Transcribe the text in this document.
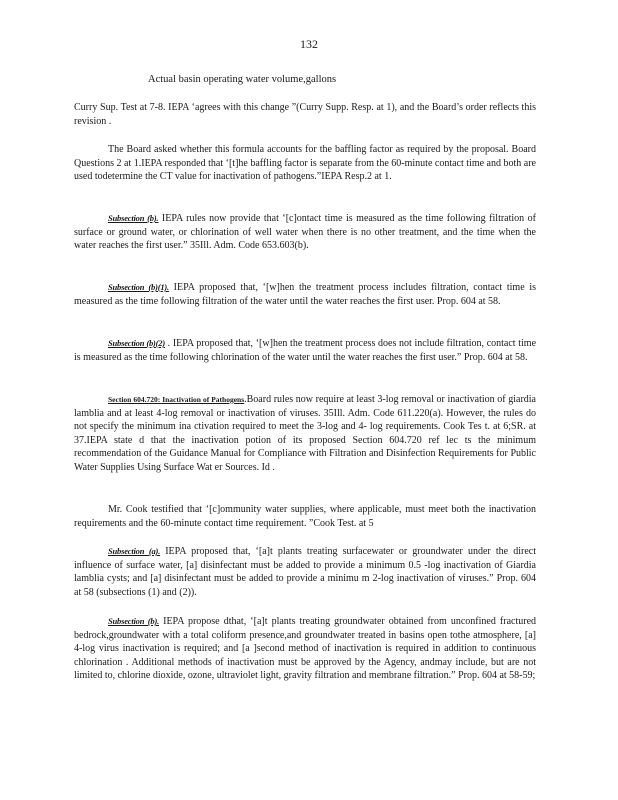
132
Actual basin operating water volume,gallons

Curry Sup. Test at 7-8. IEPA ‘agrees with this change ”(Curry Supp. Resp. at 1), and the Board’s order reflects this revision .

The Board asked whether this formula accounts for the baffling factor as required by the proposal. Board Questions 2 at 1.IEPA responded that ‘[t]he baffling factor is separate from the 60-minute contact time and both are used todetermine the CT value for inactivation of pathogens.”IEPA Resp.2 at 1.

Subsection (b). IEPA rules now provide that ‘[c]ontact time is measured as the time following filtration of surface or ground water, or chlorination of well water when there is no other treatment, and the time when the water reaches the first user.” 35Ill. Adm. Code 653.603(b).

Subsection (b)(1). IEPA proposed that, ‘[w]hen the treatment process includes filtration, contact time is measured as the time following filtration of the water until the water reaches the first user. Prop. 604 at 58.

Subsection (b)(2) . IEPA proposed that, ‘[w]hen the treatment process does not include filtration, contact time is measured as the time following chlorination of the water until the water reaches the first user.” Prop. 604 at 58.

Section 604.720: Inactivation of Pathogens.Board rules now require at least 3-log removal or inactivation of giardia lamblia and at least 4-log removal or inactivation of viruses. 35Ill. Adm. Code 611.220(a). However, the rules do not specify the minimum ina ctivation required to meet the 3-log and 4- log requirements. Cook Tes t. at 6;SR. at 37.IEPA state d that the inactivation potion of its proposed Section 604.720 ref lec ts the minimum recommendation of the Guidance Manual for Compliance with Filtration and Disinfection Requirements for Public Water Supplies Using Surface Wat er Sources. Id .

Mr. Cook testified that ‘[c]ommunity water supplies, where applicable, must meet both the inactivation requirements and the 60-minute contact time requirement. ”Cook Test. at 5

Subsection (a). IEPA proposed that, ‘[a]t plants treating surfacewater or groundwater under the direct influence of surface water, [a] disinfectant must be added to provide a minimum 0.5 -log inactivation of Giardia lamblia cysts; and [a] disinfectant must be added to provide a minimu m 2-log inactivation of viruses.” Prop. 604 at 58 (subsections (1) and (2)).

Subsection (b). IEPA propose dthat, ‘[a]t plants treating groundwater obtained from unconfined fractured bedrock,groundwater with a total coliform presence,and groundwater treated in basins open tothe atmosphere, [a] 4-log virus inactivation is required; and [a ]second method of inactivation is required in addition to continuous chlorination . Additional methods of inactivation must be approved by the Agency, andmay include, but are not limited to, chlorine dioxide, ozone, ultraviolet light, gravity filtration and membrane filtration.” Prop. 604 at 58-59;
